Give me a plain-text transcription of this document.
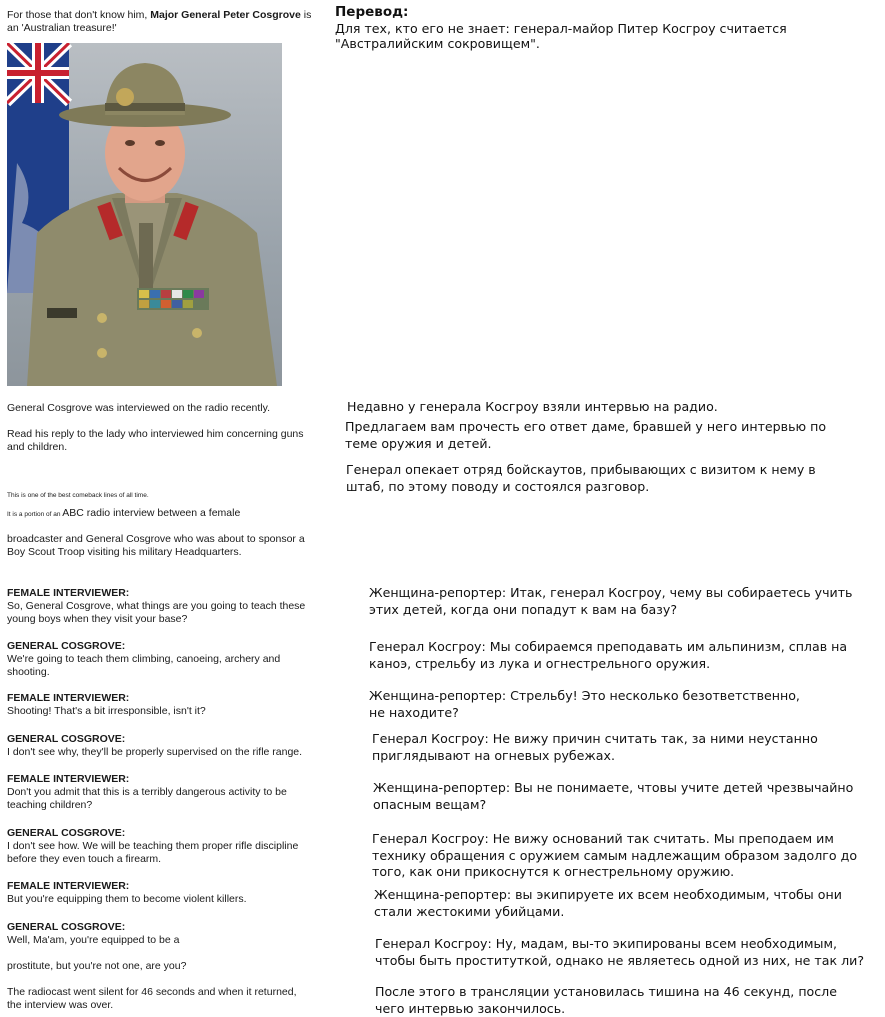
For those that don't know him, Major General Peter Cosgrove is
an 'Australian treasure!'
Перевод:
Для тех, кто его не знает: генерал-майор Питер Косгроу считается
"Австралийским сокровищем".
General Cosgrove was interviewed on the radio recently.
Read his reply to the lady who interviewed him concerning guns
and children.
This is one of the best comeback lines of all time.
It is a portion of an ABC radio interview between a female
broadcaster and General Cosgrove who was about to sponsor a
Boy Scout Troop visiting his military Headquarters.
FEMALE INTERVIEWER:
So, General Cosgrove, what things are you going to teach these
young boys when they visit your base?
GENERAL COSGROVE:
We're going to teach them climbing, canoeing, archery and
shooting.
FEMALE INTERVIEWER:
Shooting! That's a bit irresponsible, isn't it?
GENERAL COSGROVE:
I don't see why, they'll be properly supervised on the rifle range.
FEMALE INTERVIEWER:
Don't you admit that this is a terribly dangerous activity to be
teaching children?
GENERAL COSGROVE:
I don't see how. We will be teaching them proper rifle discipline
before they even touch a firearm.
FEMALE INTERVIEWER:
But you're equipping them to become violent killers.
GENERAL COSGROVE:
Well, Ma'am, you're equipped to be a
prostitute, but you're not one, are you?
The radiocast went silent for 46 seconds and when it returned,
the interview was over.
Недавно у генерала Косгроу взяли интервью на радио.
Предлагаем вам прочесть его ответ даме, бравшей у него интервью по
теме оружия и детей.
Генерал опекает отряд бойскаутов, прибывающих с визитом к нему в
штаб, по этому поводу и состоялся разговор.
Женщина-репортер: Итак, генерал Косгроу, чему вы собираетесь учить
этих детей, когда они попадут к вам на базу?
Генерал Косгроу: Мы собираемся преподавать им альпинизм, сплав на
каноэ, стрельбу из лука и огнестрельного оружия.
Женщина-репортер: Стрельбу! Это несколько безответственно,
не находите?
Генерал Косгроу: Не вижу причин считать так, за ними неустанно
приглядывают на огневых рубежах.
Женщина-репортер: Вы не понимаете, чтовы учите детей чрезвычайно
опасным вещам?
Генерал Косгроу: Не вижу оснований так считать. Мы преподаем им
технику обращения с оружием самым надлежащим образом задолго до
того, как они прикоснутся к огнестрельному оружию.
Женщина-репортер: вы экипируете их всем необходимым, чтобы они
стали жестокими убийцами.
Генерал Косгроу: Ну, мадам, вы-то экипированы всем необходимым,
чтобы быть проституткой, однако не являетесь одной из них, не так ли?
После этого в трансляции установилась тишина на 46 секунд, после
чего интервью закончилось.
